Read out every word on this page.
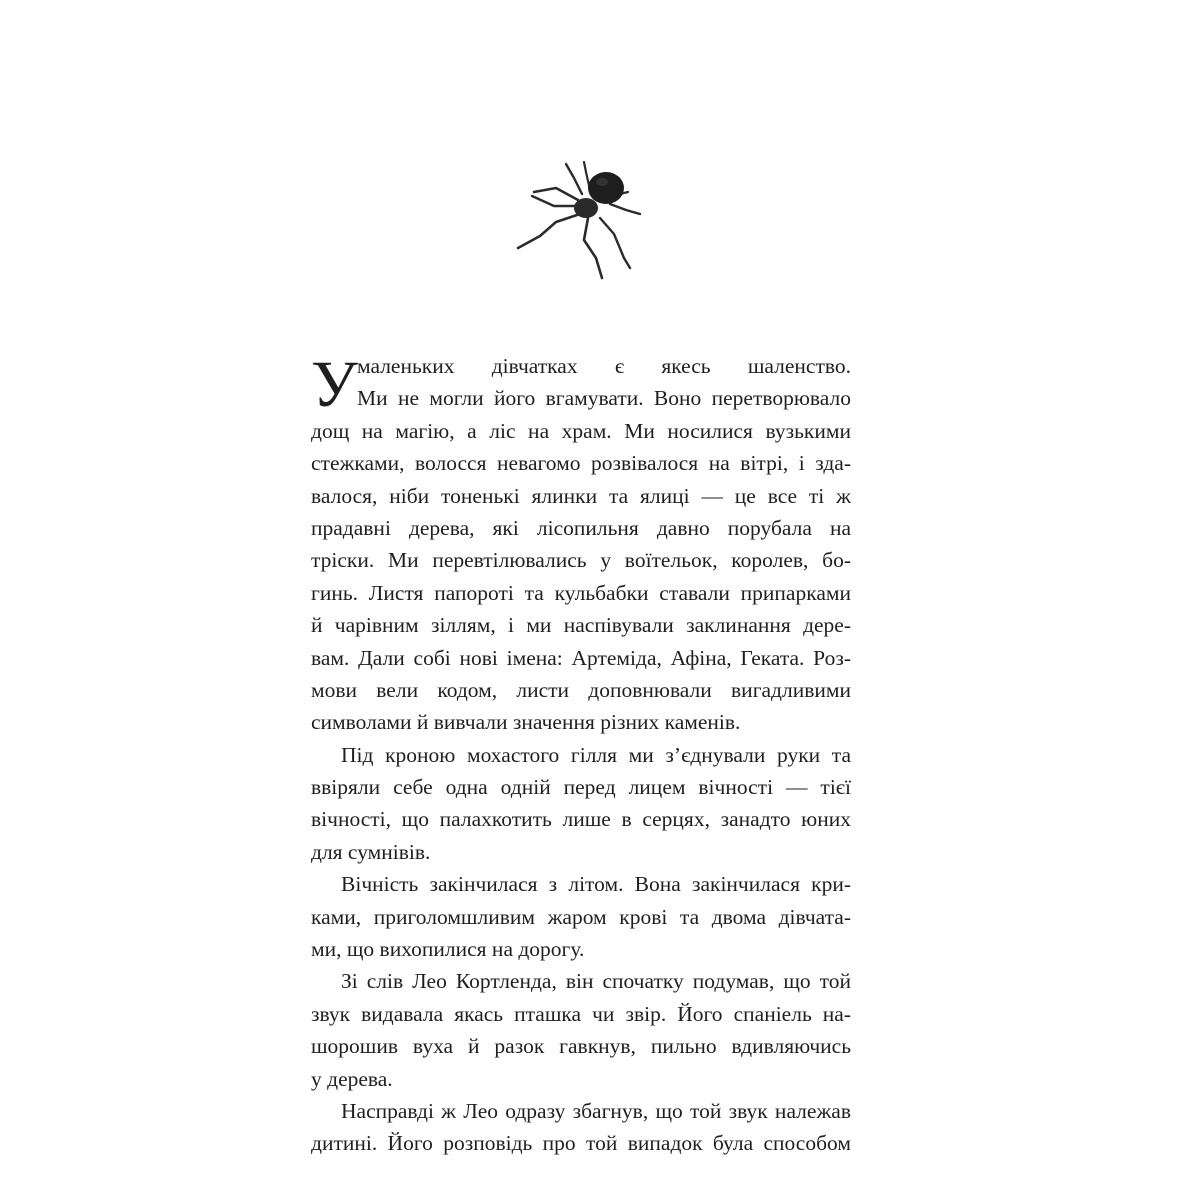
У маленьких дівчатках є якесь шаленство.
Ми не могли його вгамувати. Воно перетворювало
дощ на магію, а ліс на храм. Ми носилися вузькими
стежками, волосся невагомо розвівалося на вітрі, і зда-
валося, ніби тоненькі ялинки та ялиці — це все ті ж
прадавні дерева, які лісопильня давно порубала на
тріски. Ми перевтілювались у воїтельок, королев, бо-
гинь. Листя папороті та кульбабки ставали припарками
й чарівним зіллям, і ми наспівували заклинання дере-
вам. Дали собі нові імена: Артеміда, Афіна, Геката. Роз-
мови вели кодом, листи доповнювали вигадливими
символами й вивчали значення різних каменів.
Під кроною мохастого гілля ми з’єднували руки та
ввіряли себе одна одній перед лицем вічності — тієї
вічності, що палахкотить лише в серцях, занадто юних
для сумнівів.
Вічність закінчилася з літом. Вона закінчилася кри-
ками, приголомшливим жаром крові та двома дівчата-
ми, що вихопилися на дорогу.
Зі слів Лео Кортленда, він спочатку подумав, що той
звук видавала якась пташка чи звір. Його спаніель на-
шорошив вуха й разок гавкнув, пильно вдивляючись
у дерева.
Насправді ж Лео одразу збагнув, що той звук належав
дитині. Його розповідь про той випадок була способом
